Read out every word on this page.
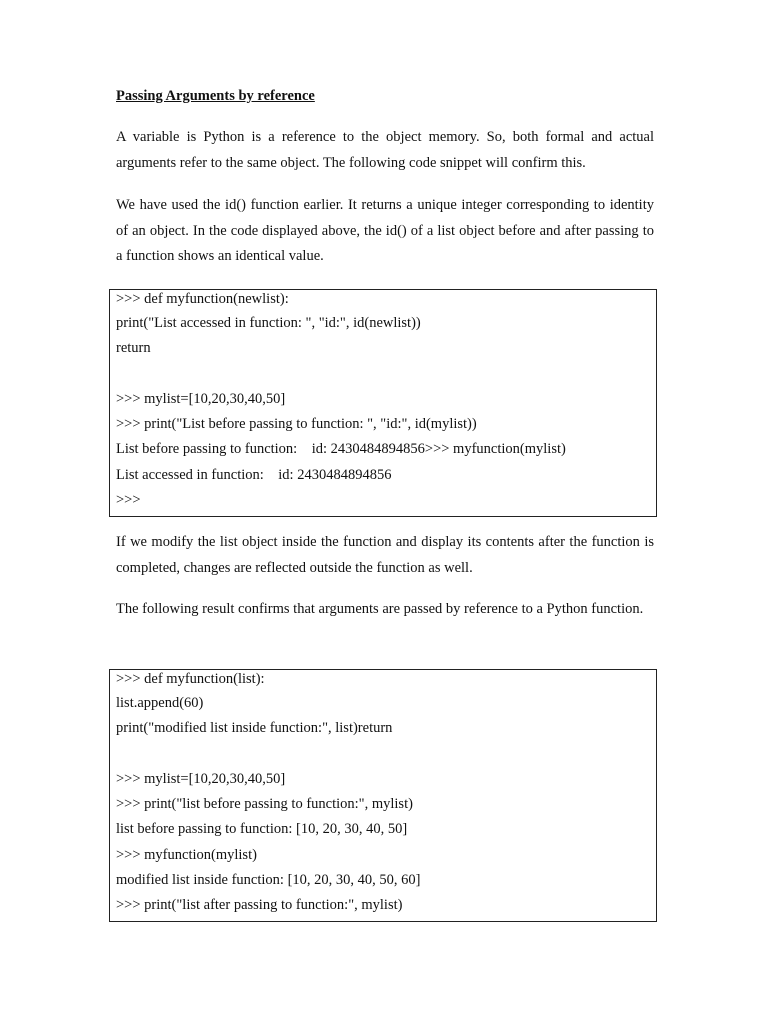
Passing Arguments by reference
A variable is Python is a reference to the object memory. So, both formal and actual arguments refer to the same object. The following code snippet will confirm this.
We have used the id() function earlier. It returns a unique integer corresponding to identity of an object. In the code displayed above, the id() of a list object before and after passing to a function shows an identical value.
>>> def myfunction(newlist):
print("List accessed in function: ", "id:", id(newlist))
return
>>> mylist=[10,20,30,40,50]
>>> print("List before passing to function: ", "id:", id(mylist))
List before passing to function:    id: 2430484894856>>> myfunction(mylist)
List accessed in function:    id: 2430484894856
>>>
If we modify the list object inside the function and display its contents after the function is completed, changes are reflected outside the function as well.
The following result confirms that arguments are passed by reference to a Python function.
>>> def myfunction(list):
list.append(60)
print("modified list inside function:", list)return
>>> mylist=[10,20,30,40,50]
>>> print("list before passing to function:", mylist)
list before passing to function: [10, 20, 30, 40, 50]
>>> myfunction(mylist)
modified list inside function: [10, 20, 30, 40, 50, 60]
>>> print("list after passing to function:", mylist)
